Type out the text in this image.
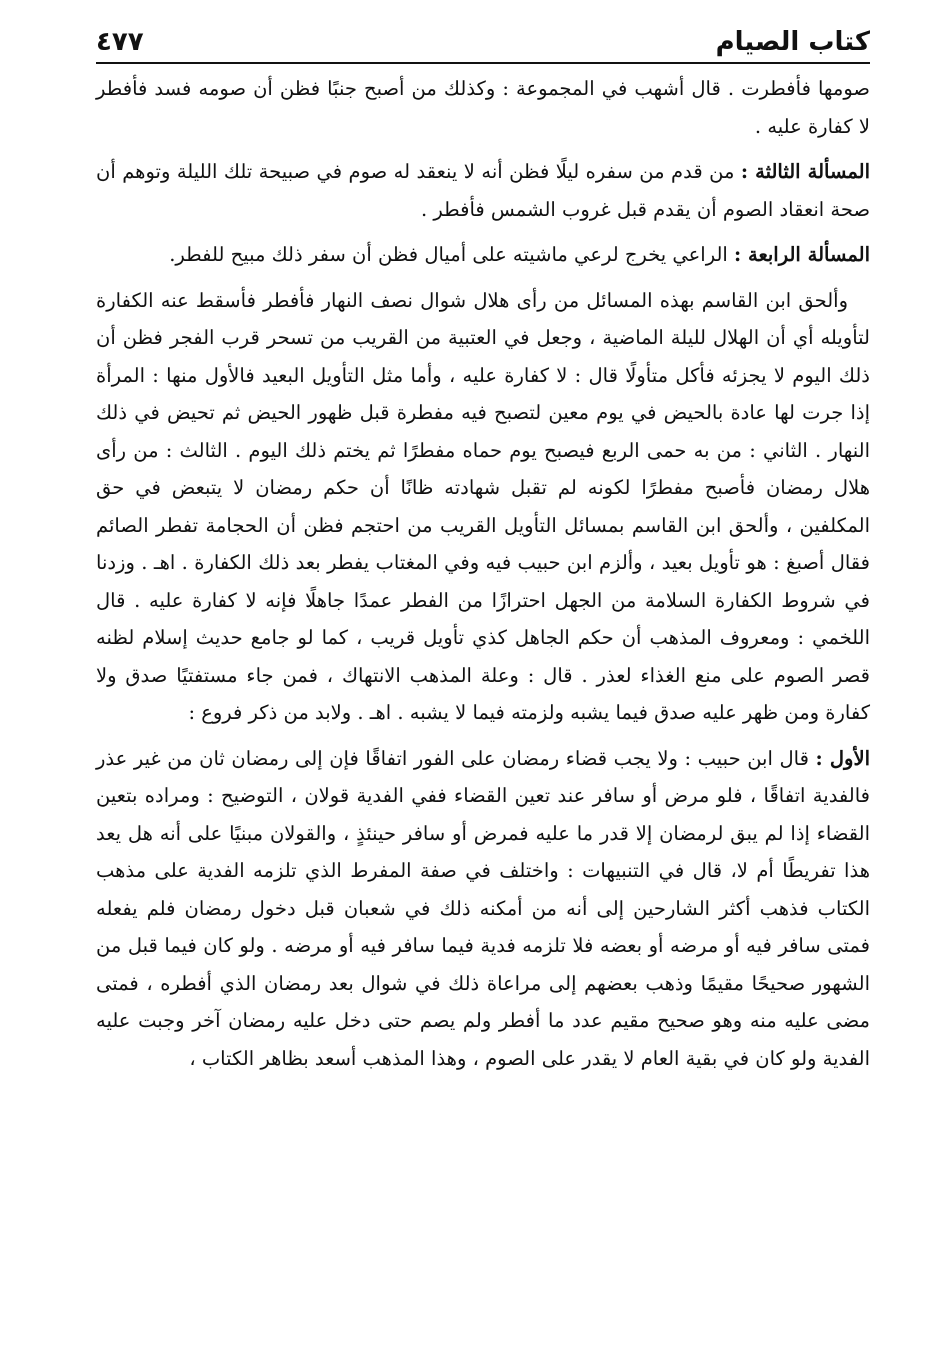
كتاب الصيام
٤٧٧

صومها فأفطرت . قال أشهب في المجموعة : وكذلك من أصبح جنبًا فظن أن صومه فسد فأفطر لا كفارة عليه .

المسألة الثالثة : من قدم من سفره ليلًا فظن أنه لا ينعقد له صوم في صبيحة تلك الليلة وتوهم أن صحة انعقاد الصوم أن يقدم قبل غروب الشمس فأفطر .

المسألة الرابعة : الراعي يخرج لرعي ماشيته على أميال فظن أن سفر ذلك مبيح للفطر.

وألحق ابن القاسم بهذه المسائل من رأى هلال شوال نصف النهار فأفطر فأسقط عنه الكفارة لتأويله أي أن الهلال لليلة الماضية ، وجعل في العتبية من القريب من تسحر قرب الفجر فظن أن ذلك اليوم لا يجزئه فأكل متأولًا قال : لا كفارة عليه ، وأما مثل التأويل البعيد فالأول منها : المرأة إذا جرت لها عادة بالحيض في يوم معين لتصبح فيه مفطرة قبل ظهور الحيض ثم تحيض في ذلك النهار . الثاني : من به حمى الربع فيصبح يوم حماه مفطرًا ثم يختم ذلك اليوم . الثالث : من رأى هلال رمضان فأصبح مفطرًا لكونه لم تقبل شهادته ظانًا أن حكم رمضان لا يتبعض في حق المكلفين ، وألحق ابن القاسم بمسائل التأويل القريب من احتجم فظن أن الحجامة تفطر الصائم فقال أصبغ : هو تأويل بعيد ، وألزم ابن حبيب فيه وفي المغتاب يفطر بعد ذلك الكفارة . اهـ . وزدنا في شروط الكفارة السلامة من الجهل احترازًا من الفطر عمدًا جاهلًا فإنه لا كفارة عليه . قال اللخمي : ومعروف المذهب أن حكم الجاهل كذي تأويل قريب ، كما لو جامع حديث إسلام لظنه قصر الصوم على منع الغذاء لعذر . قال : وعلة المذهب الانتهاك ، فمن جاء مستفتيًا صدق ولا كفارة ومن ظهر عليه صدق فيما يشبه ولزمته فيما لا يشبه . اهـ . ولابد من ذكر فروع :

الأول : قال ابن حبيب : ولا يجب قضاء رمضان على الفور اتفاقًا فإن إلى رمضان ثان من غير عذر فالفدية اتفاقًا ، فلو مرض أو سافر عند تعين القضاء ففي الفدية قولان ، التوضيح : ومراده بتعين القضاء إذا لم يبق لرمضان إلا قدر ما عليه فمرض أو سافر حينئذٍ ، والقولان مبنيًا على أنه هل يعد هذا تفريطًا أم لا، قال في التنبيهات : واختلف في صفة المفرط الذي تلزمه الفدية على مذهب الكتاب فذهب أكثر الشارحين إلى أنه من أمكنه ذلك في شعبان قبل دخول رمضان فلم يفعله فمتى سافر فيه أو مرضه أو بعضه فلا تلزمه فدية فيما سافر فيه أو مرضه . ولو كان فيما قبل من الشهور صحيحًا مقيمًا وذهب بعضهم إلى مراعاة ذلك في شوال بعد رمضان الذي أفطره ، فمتى مضى عليه منه وهو صحيح مقيم عدد ما أفطر ولم يصم حتى دخل عليه رمضان آخر وجبت عليه الفدية ولو كان في بقية العام لا يقدر على الصوم ، وهذا المذهب أسعد بظاهر الكتاب ،
